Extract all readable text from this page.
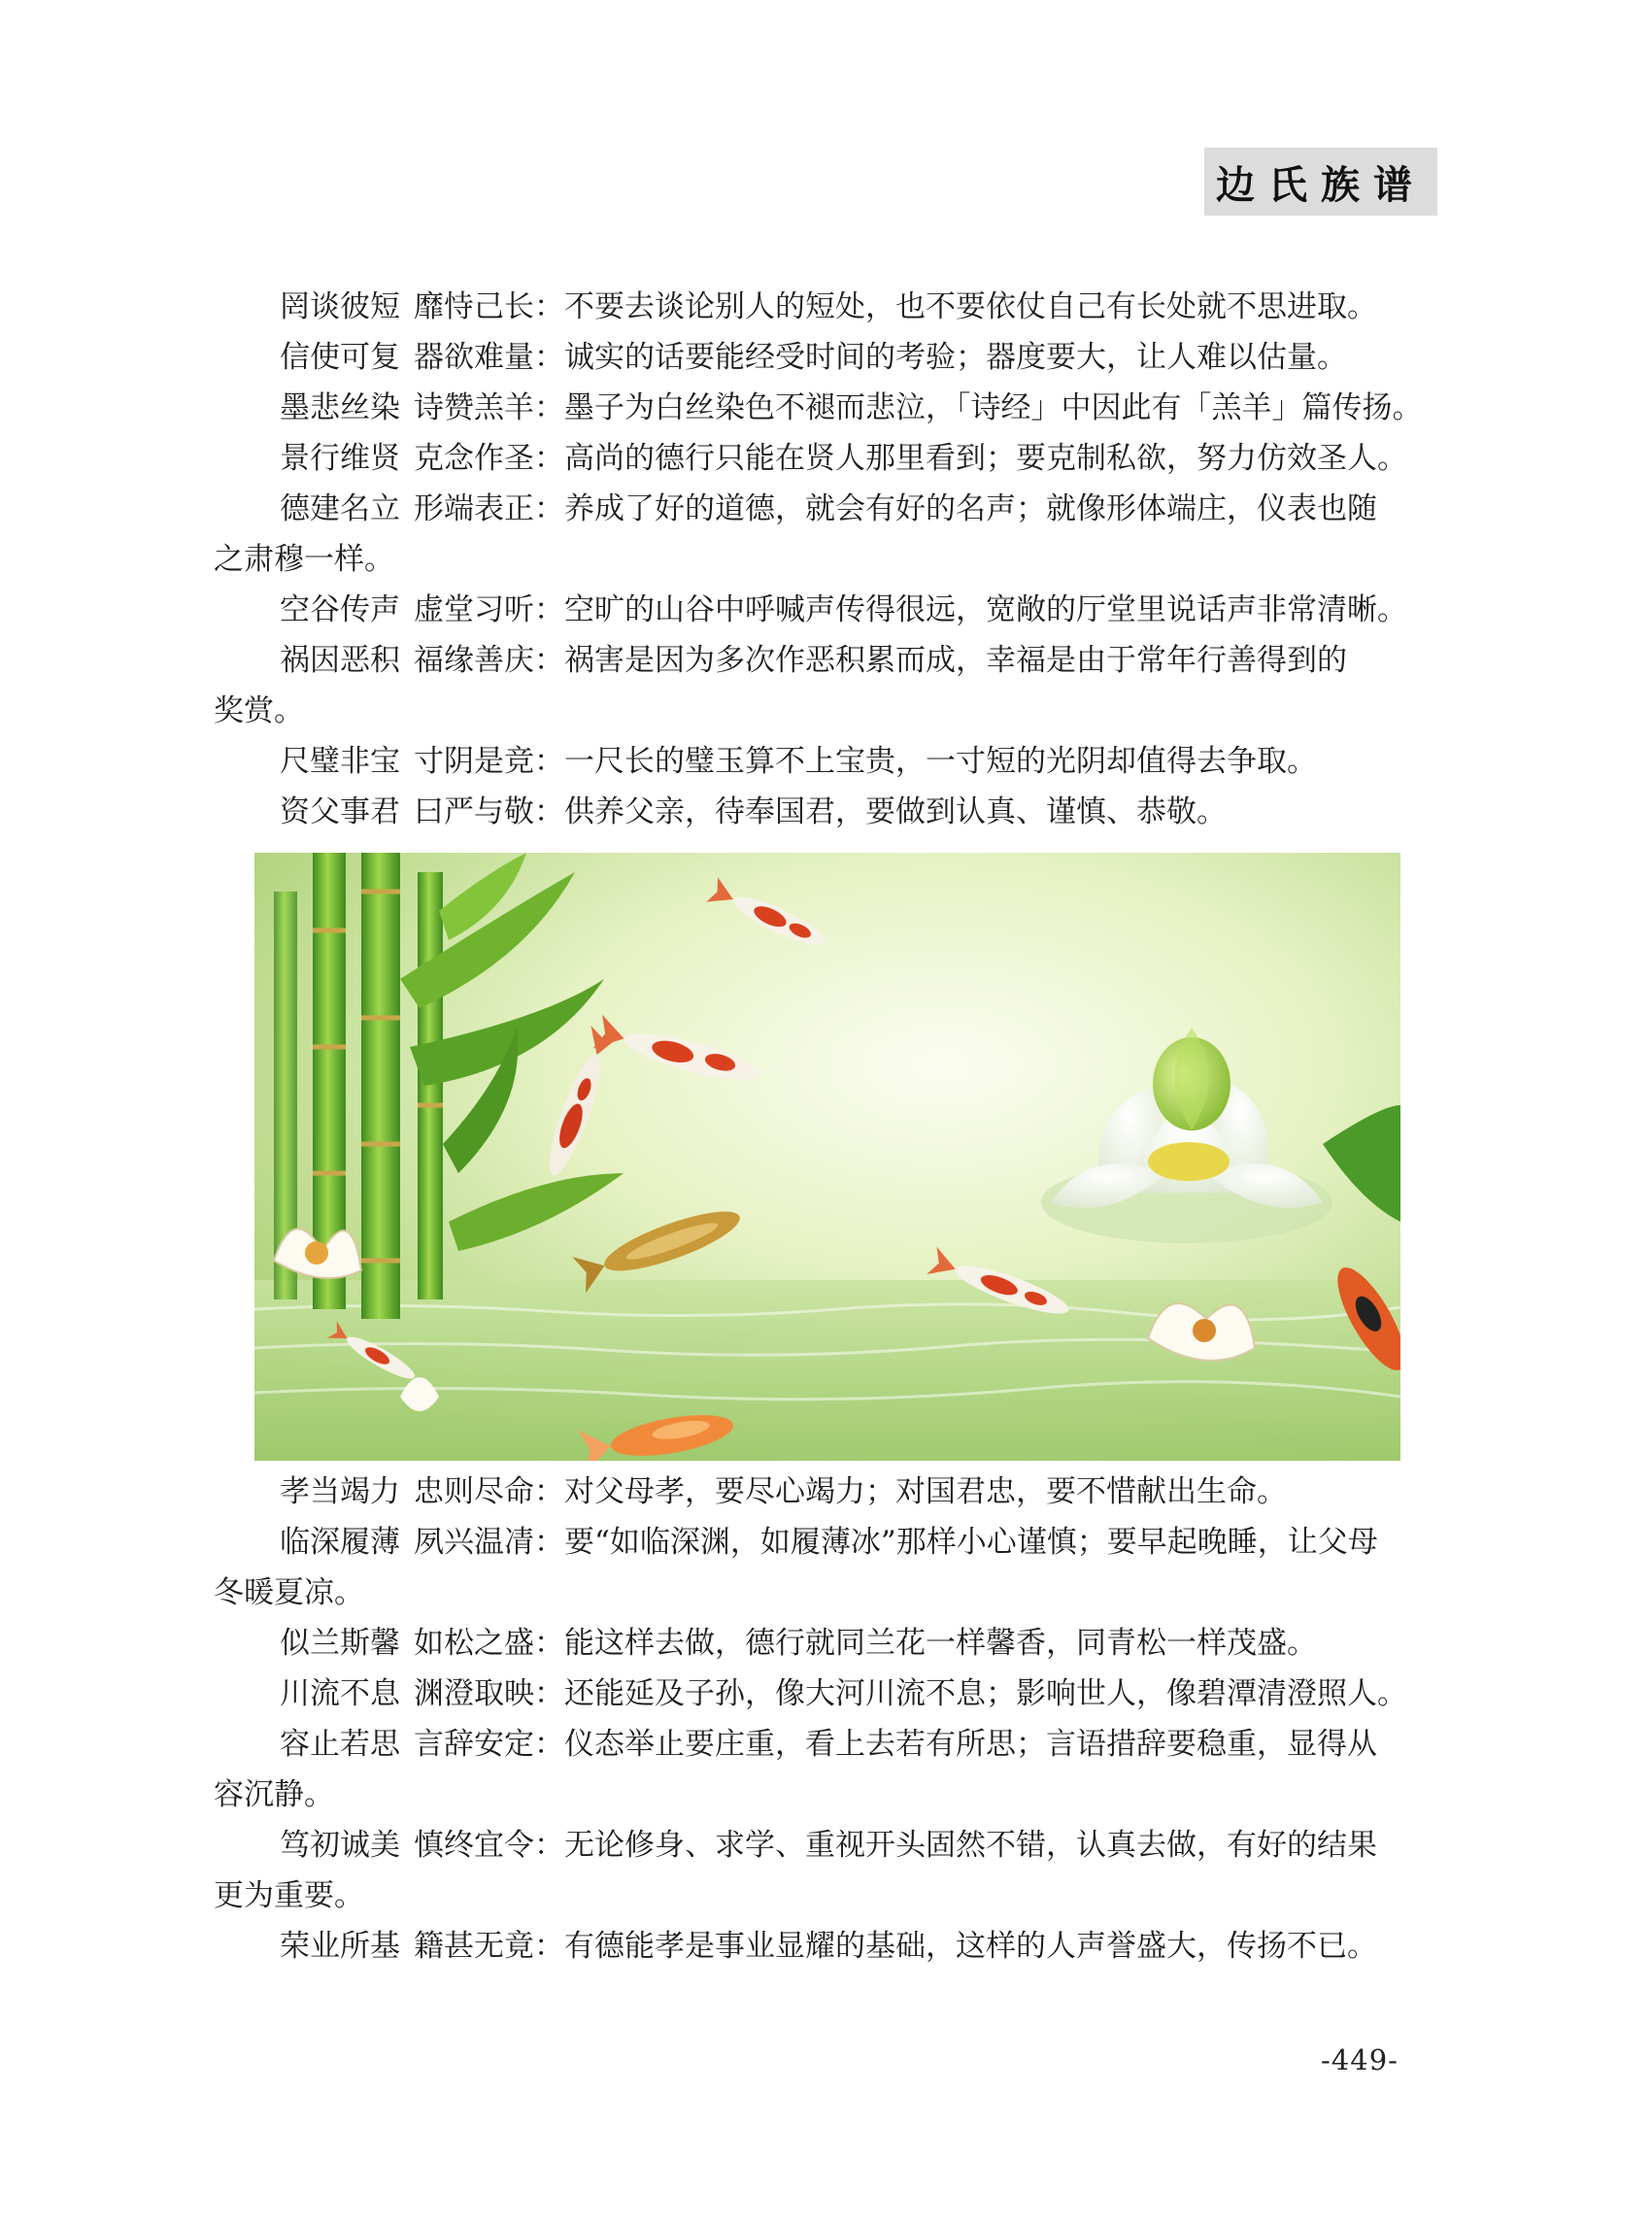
边氏族谱
罔谈彼短 靡恃己长：不要去谈论别人的短处，也不要依仗自己有长处就不思进取。
信使可复 器欲难量：诚实的话要能经受时间的考验；器度要大，让人难以估量。
墨悲丝染 诗赞羔羊：墨子为白丝染色不褪而悲泣，「诗经」中因此有「羔羊」篇传扬。
景行维贤 克念作圣：高尚的德行只能在贤人那里看到；要克制私欲，努力仿效圣人。
德建名立 形端表正：养成了好的道德，就会有好的名声；就像形体端庄，仪表也随
之肃穆一样。
空谷传声 虚堂习听：空旷的山谷中呼喊声传得很远，宽敞的厅堂里说话声非常清晰。
祸因恶积 福缘善庆：祸害是因为多次作恶积累而成，幸福是由于常年行善得到的
奖赏。
尺璧非宝 寸阴是竞：一尺长的璧玉算不上宝贵，一寸短的光阴却值得去争取。
资父事君 曰严与敬：供养父亲，待奉国君，要做到认真、谨慎、恭敬。
孝当竭力 忠则尽命：对父母孝，要尽心竭力；对国君忠，要不惜献出生命。
临深履薄 夙兴温凊：要“如临深渊，如履薄冰”那样小心谨慎；要早起晚睡，让父母
冬暖夏凉。
似兰斯馨 如松之盛：能这样去做，德行就同兰花一样馨香，同青松一样茂盛。
川流不息 渊澄取映：还能延及子孙，像大河川流不息；影响世人，像碧潭清澄照人。
容止若思 言辞安定：仪态举止要庄重，看上去若有所思；言语措辞要稳重，显得从
容沉静。
笃初诚美 慎终宜令：无论修身、求学、重视开头固然不错，认真去做，有好的结果
更为重要。
荣业所基 籍甚无竟：有德能孝是事业显耀的基础，这样的人声誉盛大，传扬不已。
-449-
